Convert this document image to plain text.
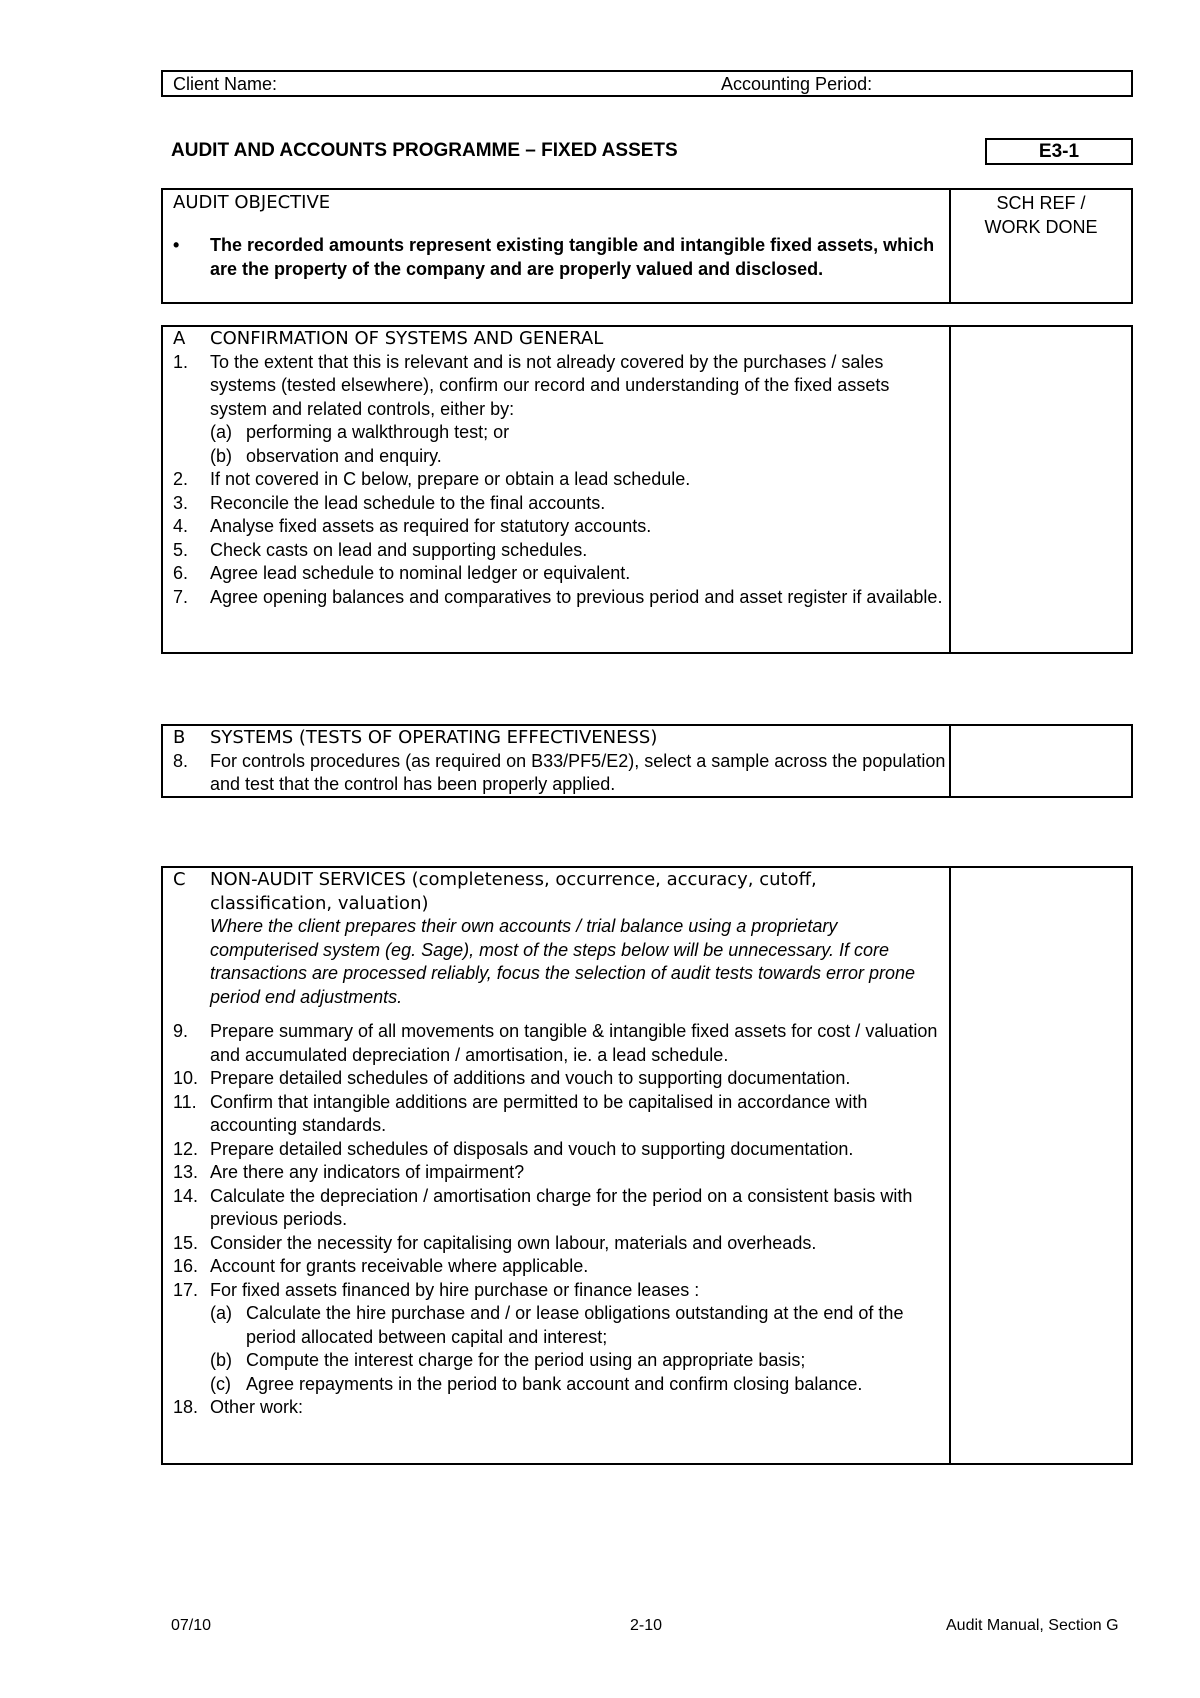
Client Name:	Accounting Period:
AUDIT AND ACCOUNTS PROGRAMME – FIXED ASSETS	E3-1
AUDIT OBJECTIVE
• The recorded amounts represent existing tangible and intangible fixed assets, which are the property of the company and are properly valued and disclosed.
SCH REF /
WORK DONE
A CONFIRMATION OF SYSTEMS AND GENERAL
1. To the extent that this is relevant and is not already covered by the purchases / sales systems (tested elsewhere), confirm our record and understanding of the fixed assets system and related controls, either by:
(a) performing a walkthrough test; or
(b) observation and enquiry.
2.	If not covered in C below, prepare or obtain a lead schedule.
3.	Reconcile the lead schedule to the final accounts.
4.	Analyse fixed assets as required for statutory accounts.
5.	Check casts on lead and supporting schedules.
6.	Agree lead schedule to nominal ledger or equivalent.
7.	Agree opening balances and comparatives to previous period and asset register if available.
B SYSTEMS (TESTS OF OPERATING EFFECTIVENESS)
8.	For controls procedures (as required on B33/PF5/E2), select a sample across the population and test that the control has been properly applied.
C	NON-AUDIT SERVICES (completeness, occurrence, accuracy, cutoff, classification, valuation)
Where the client prepares their own accounts / trial balance using a proprietary computerised system (eg. Sage), most of the steps below will be unnecessary. If core transactions are processed reliably, focus the selection of audit tests towards error prone period end adjustments.
9.	Prepare summary of all movements on tangible & intangible fixed assets for cost / valuation and accumulated depreciation / amortisation, ie. a lead schedule.
10. Prepare detailed schedules of additions and vouch to supporting documentation.
11. Confirm that intangible additions are permitted to be capitalised in accordance with accounting standards.
12. Prepare detailed schedules of disposals and vouch to supporting documentation.
13. Are there any indicators of impairment?
14. Calculate the depreciation / amortisation charge for the period on a consistent basis with previous periods.
15. Consider the necessity for capitalising own labour, materials and overheads.
16. Account for grants receivable where applicable.
17. For fixed assets financed by hire purchase or finance leases :
(a) Calculate the hire purchase and / or lease obligations outstanding at the end of the period allocated between capital and interest;
(b) Compute the interest charge for the period using an appropriate basis;
(c) Agree repayments in the period to bank account and confirm closing balance.
18. Other work:
07/10	2-10	Audit Manual, Section G
